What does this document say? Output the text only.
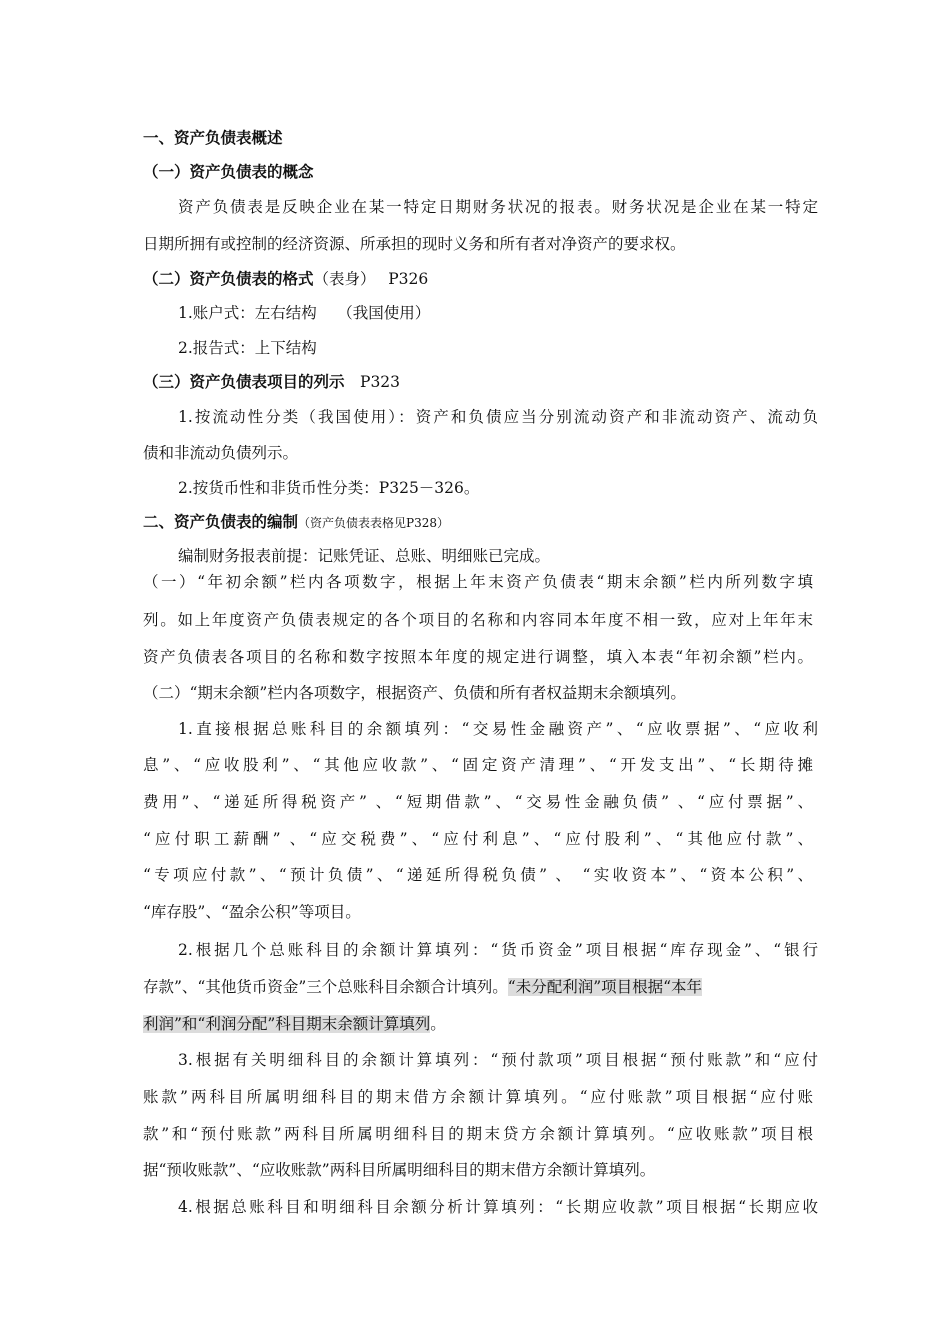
一、资产负债表概述
（一）资产负债表的概念
资产负债表是反映企业在某一特定日期财务状况的报表。财务状况是企业在某一特定
日期所拥有或控制的经济资源、所承担的现时义务和所有者对净资产的要求权。
（二）资产负债表的格式（表身）　 P326
1.账户式：左右结构　 （我国使用）
2.报告式：上下结构
（三）资产负债表项目的列示　P323
1.按流动性分类（我国使用）：资产和负债应当分别流动资产和非流动资产、流动负
债和非流动负债列示。
2.按货币性和非货币性分类：P325－326。
二、资产负债表的编制（资产负债表表格见P328）
编制财务报表前提：记账凭证、总账、明细账已完成。
（一）“年初余额”栏内各项数字，根据上年末资产负债表“期末余额”栏内所列数字填
列。如上年度资产负债表规定的各个项目的名称和内容同本年度不相一致，应对上年年末
资产负债表各项目的名称和数字按照本年度的规定进行调整，填入本表“年初余额”栏内。
（二）“期末余额”栏内各项数字，根据资产、负债和所有者权益期末余额填列。
1.直接根据总账科目的余额填列：“交易性金融资产”、“应收票据”、“应收利
息”、“应收股利”、“其他应收款”、“固定资产清理”、“开发支出”、“长期待摊
费用”、“递延所得税资产” 、“短期借款”、“交易性金融负债” 、“应付票据”、
“应付职工薪酬” 、“应交税费”、“应付利息”、“应付股利”、“其他应付款”、
“专项应付款”、“预计负债”、“递延所得税负债” 、 “实收资本”、“资本公积”、
“库存股”、“盈余公积”等项目。
2.根据几个总账科目的余额计算填列：“货币资金”项目根据“库存现金”、“银行
存款”、“其他货币资金”三个总账科目余额合计填列。“未分配利润”项目根据“本年
利润”和“利润分配”科目期末余额计算填列。
3.根据有关明细科目的余额计算填列：“预付款项”项目根据“预付账款”和“应付
账款”两科目所属明细科目的期末借方余额计算填列。“应付账款”项目根据“应付账
款”和“预付账款”两科目所属明细科目的期末贷方余额计算填列。“应收账款”项目根
据“预收账款”、“应收账款”两科目所属明细科目的期末借方余额计算填列。
4.根据总账科目和明细科目余额分析计算填列：“长期应收款”项目根据“长期应收
